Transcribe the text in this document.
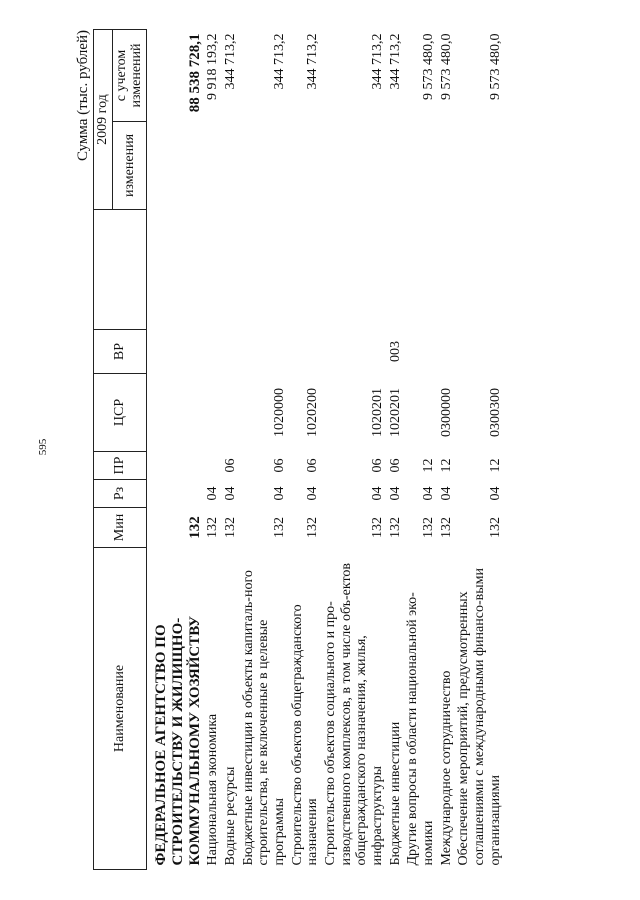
595
Сумма (тыс. рублей)
Наименование	Мин	Рз	ПР	ЦСР	ВР		2009 год	
							изменения	с учетом изменений
ФЕДЕРАЛЬНОЕ АГЕНТСТВО ПО СТРОИТЕЛЬСТВУ И ЖИЛИЩНО-КОММУНАЛЬНОМУ ХОЗЯЙСТВУ	132							88 538 728,1
Национальная экономика	132	04						9 918 193,2
Водные ресурсы	132	04	06					344 713,2
Бюджетные инвестиции в объекты капиталь-ного строительства, не включенные в целевые программы	132	04	06	1020000				344 713,2
Строительство объектов общегражданского назначения	132	04	06	1020200				344 713,2
Строительство объектов социального и про-изводственного комплексов, в том числе объ-ектов общегражданского назначения, жилья, инфраструктуры	132	04	06	1020201				344 713,2
Бюджетные инвестиции	132	04	06	1020201	003			344 713,2
Другие вопросы в области национальной эко-номики	132	04	12					9 573 480,0
Международное сотрудничество	132	04	12	0300000				9 573 480,0
Обеспечение мероприятий, предусмотренных соглашениями с международными финансо-выми организациями	132	04	12	0300300				9 573 480,0
